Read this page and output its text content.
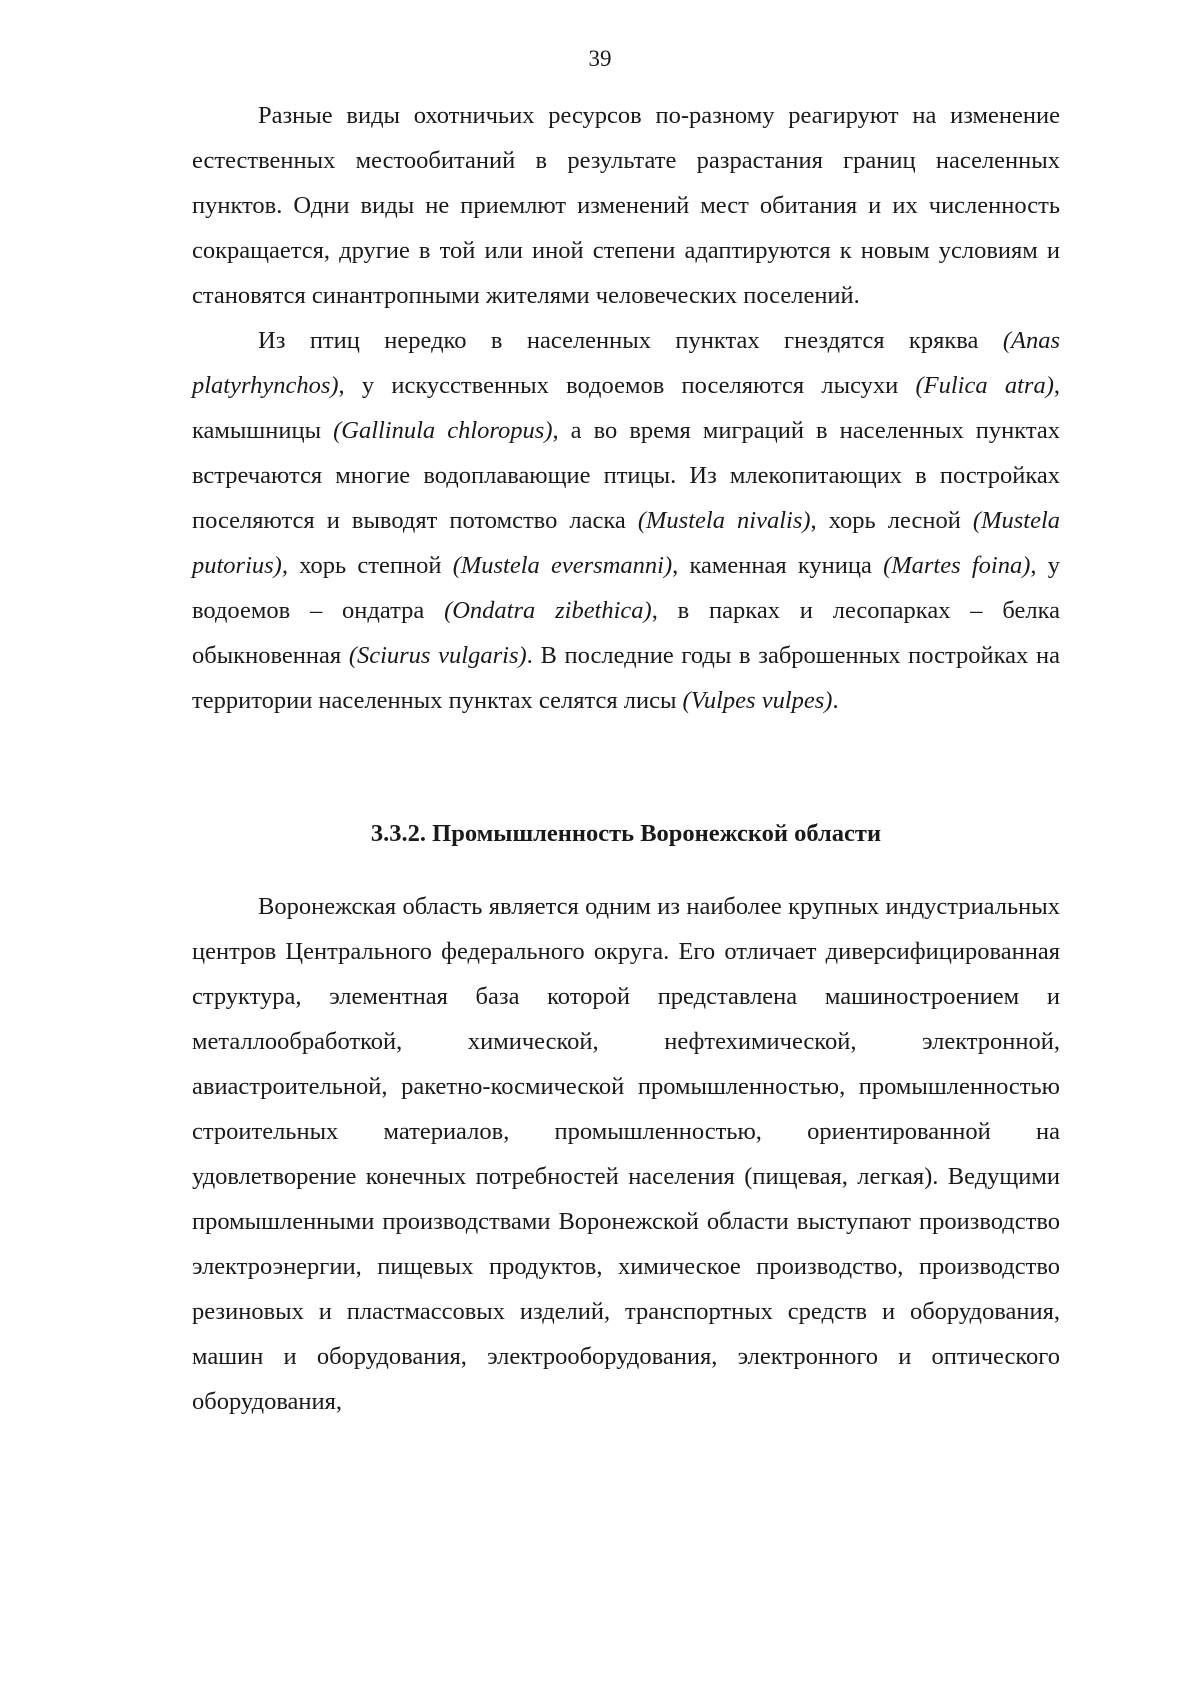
39

Разные виды охотничьих ресурсов по-разному реагируют на изменение естественных местообитаний в результате разрастания границ населенных пунктов. Одни виды не приемлют изменений мест обитания и их численность сокращается, другие в той или иной степени адаптируются к новым условиям и становятся синантропными жителями человеческих поселений.

Из птиц нередко в населенных пунктах гнездятся кряква (Anas platyrhynchos), у искусственных водоемов поселяются лысухи (Fulica atra), камышницы (Gallinula chloropus), а во время миграций в населенных пунктах встречаются многие водоплавающие птицы. Из млекопитающих в постройках поселяются и выводят потомство ласка (Mustela nivalis), хорь лесной (Mustela putorius), хорь степной (Mustela eversmanni), каменная куница (Martes foina), у водоемов – ондатра (Ondatra zibethica), в парках и лесопарках – белка обыкновенная (Sciurus vulgaris). В последние годы в заброшенных постройках на территории населенных пунктах селятся лисы (Vulpes vulpes).

3.3.2. Промышленность Воронежской области

Воронежская область является одним из наиболее крупных индустриальных центров Центрального федерального округа. Его отличает диверсифицированная структура, элементная база которой представлена машиностроением и металлообработкой, химической, нефтехимической, электронной, авиастроительной, ракетно-космической промышленностью, промышленностью строительных материалов, промышленностью, ориентированной на удовлетворение конечных потребностей населения (пищевая, легкая). Ведущими промышленными производствами Воронежской области выступают производство электроэнергии, пищевых продуктов, химическое производство, производство резиновых и пластмассовых изделий, транспортных средств и оборудования, машин и оборудования, электрооборудования, электронного и оптического оборудования,
